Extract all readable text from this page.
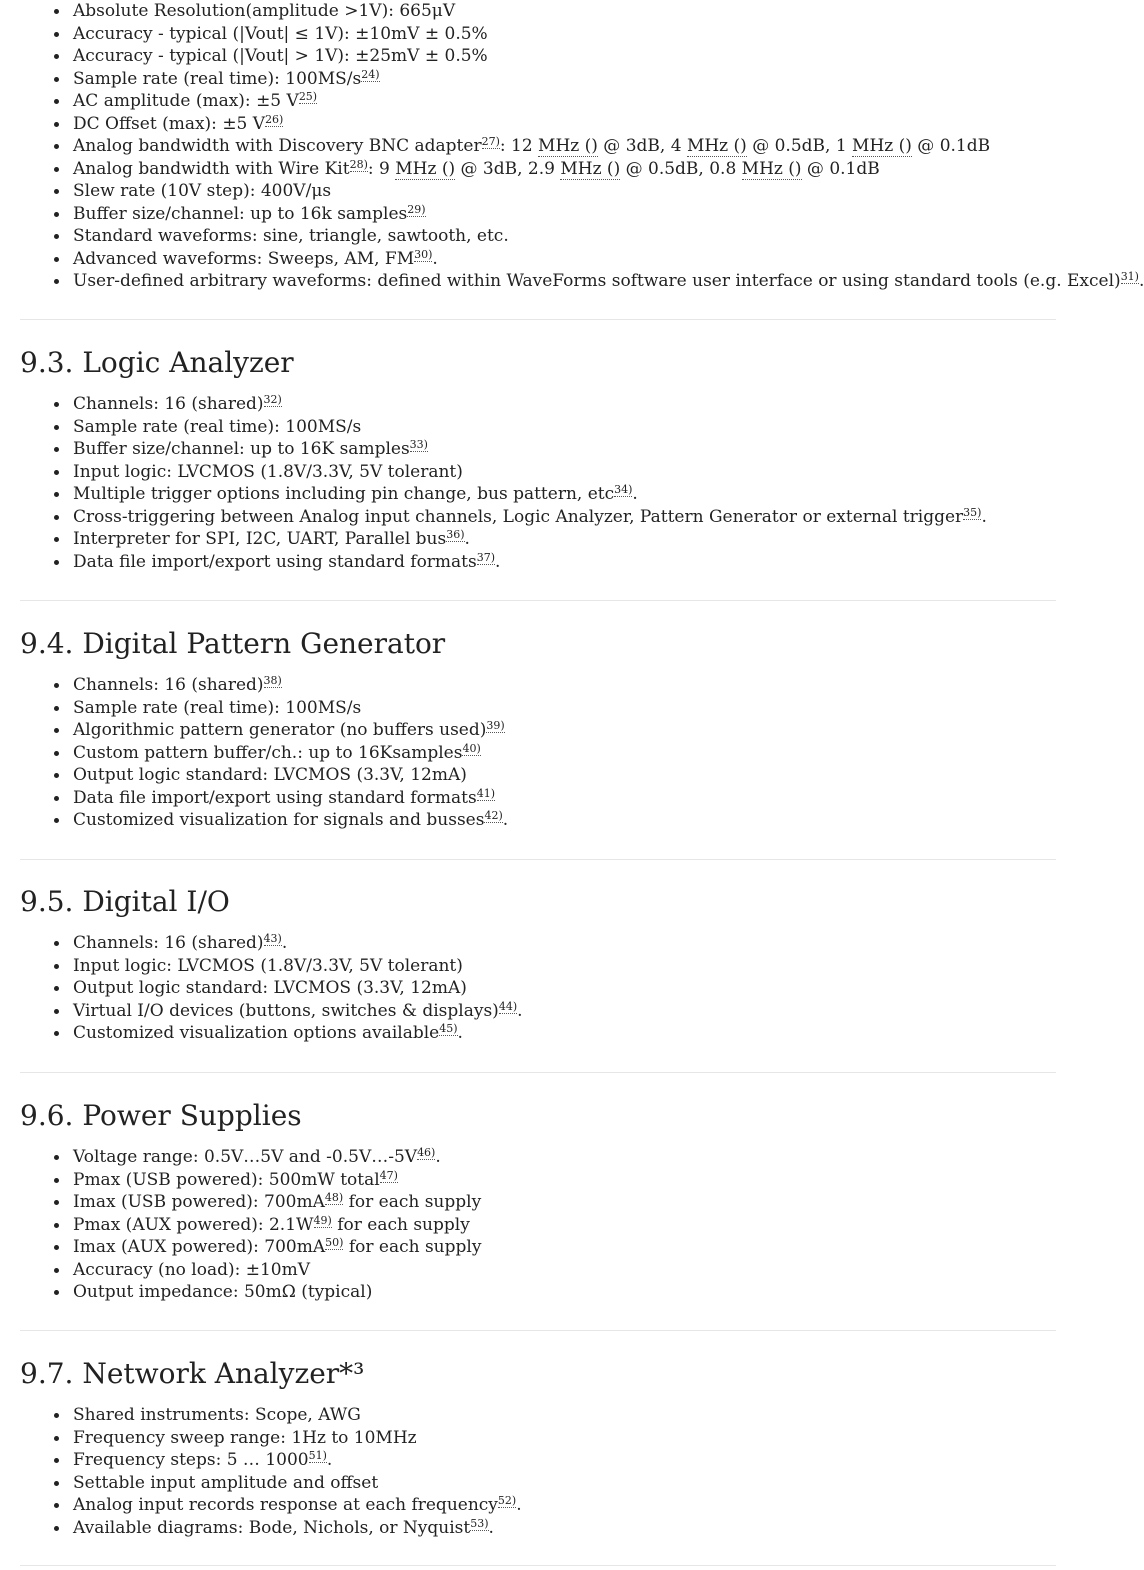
Absolute Resolution(amplitude >1V): 665μV
Accuracy - typical (|Vout| ≤ 1V): ±10mV ± 0.5%
Accuracy - typical (|Vout| > 1V): ±25mV ± 0.5%
Sample rate (real time): 100MS/s$^{24)}$
AC amplitude (max): ±5 V$^{25)}$
DC Offset (max): ±5 V$^{26)}$
Analog bandwidth with Discovery BNC adapter$^{27)}$: 12 MHz () @ 3dB, 4 MHz () @ 0.5dB, 1 MHz () @ 0.1dB
Analog bandwidth with Wire Kit$^{28)}$: 9 MHz () @ 3dB, 2.9 MHz () @ 0.5dB, 0.8 MHz () @ 0.1dB
Slew rate (10V step): 400V/μs
Buffer size/channel: up to 16k samples$^{29)}$
Standard waveforms: sine, triangle, sawtooth, etc.
Advanced waveforms: Sweeps, AM, FM$^{30)}$.
User-defined arbitrary waveforms: defined within WaveForms software user interface or using standard tools (e.g. Excel)$^{31)}$.
9.3. Logic Analyzer
Channels: 16 (shared)$^{32)}$
Sample rate (real time): 100MS/s
Buffer size/channel: up to 16K samples$^{33)}$
Input logic: LVCMOS (1.8V/3.3V, 5V tolerant)
Multiple trigger options including pin change, bus pattern, etc$^{34)}$.
Cross-triggering between Analog input channels, Logic Analyzer, Pattern Generator or external trigger$^{35)}$.
Interpreter for SPI, I2C, UART, Parallel bus$^{36)}$.
Data file import/export using standard formats$^{37)}$.
9.4. Digital Pattern Generator
Channels: 16 (shared)$^{38)}$
Sample rate (real time): 100MS/s
Algorithmic pattern generator (no buffers used)$^{39)}$
Custom pattern buffer/ch.: up to 16Ksamples$^{40)}$
Output logic standard: LVCMOS (3.3V, 12mA)
Data file import/export using standard formats$^{41)}$
Customized visualization for signals and busses$^{42)}$.
9.5. Digital I/O
Channels: 16 (shared)$^{43)}$.
Input logic: LVCMOS (1.8V/3.3V, 5V tolerant)
Output logic standard: LVCMOS (3.3V, 12mA)
Virtual I/O devices (buttons, switches & displays)$^{44)}$.
Customized visualization options available$^{45)}$.
9.6. Power Supplies
Voltage range: 0.5V…5V and -0.5V…-5V$^{46)}$.
Pmax (USB powered): 500mW total$^{47)}$
Imax (USB powered): 700mA$^{48)}$ for each supply
Pmax (AUX powered): 2.1W$^{49)}$ for each supply
Imax (AUX powered): 700mA$^{50)}$ for each supply
Accuracy (no load): ±10mV
Output impedance: 50mΩ (typical)
9.7. Network Analyzer*³
Shared instruments: Scope, AWG
Frequency sweep range: 1Hz to 10MHz
Frequency steps: 5 … 1000$^{51)}$.
Settable input amplitude and offset
Analog input records response at each frequency$^{52)}$.
Available diagrams: Bode, Nichols, or Nyquist$^{53)}$.
